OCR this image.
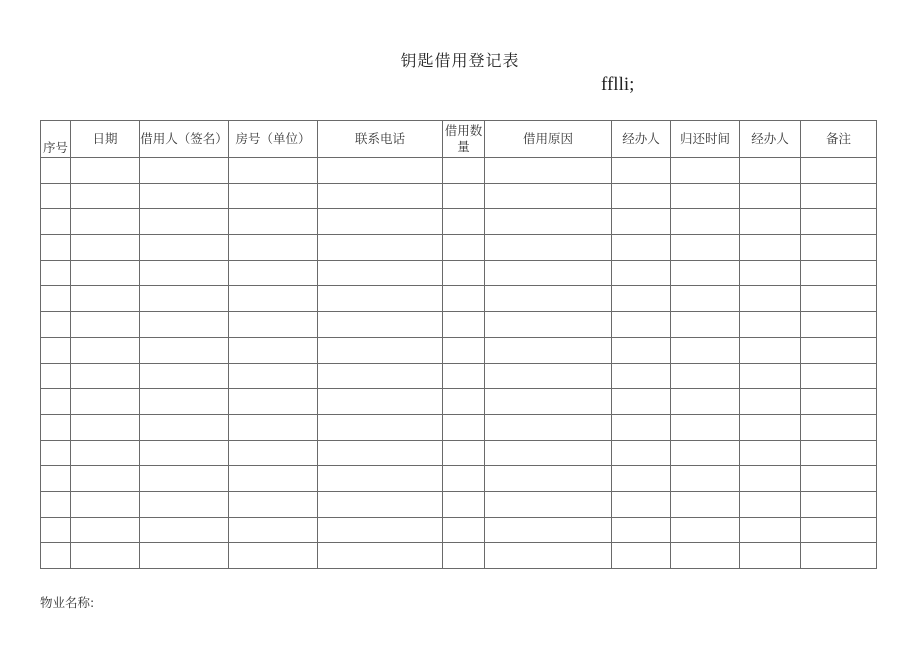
钥匙借用登记表
fflli;
序号	日期	借用人（签名）	房号（单位）	联系电话	借用数量	借用原因	经办人	归还时间	经办人	备注

物业名称:
